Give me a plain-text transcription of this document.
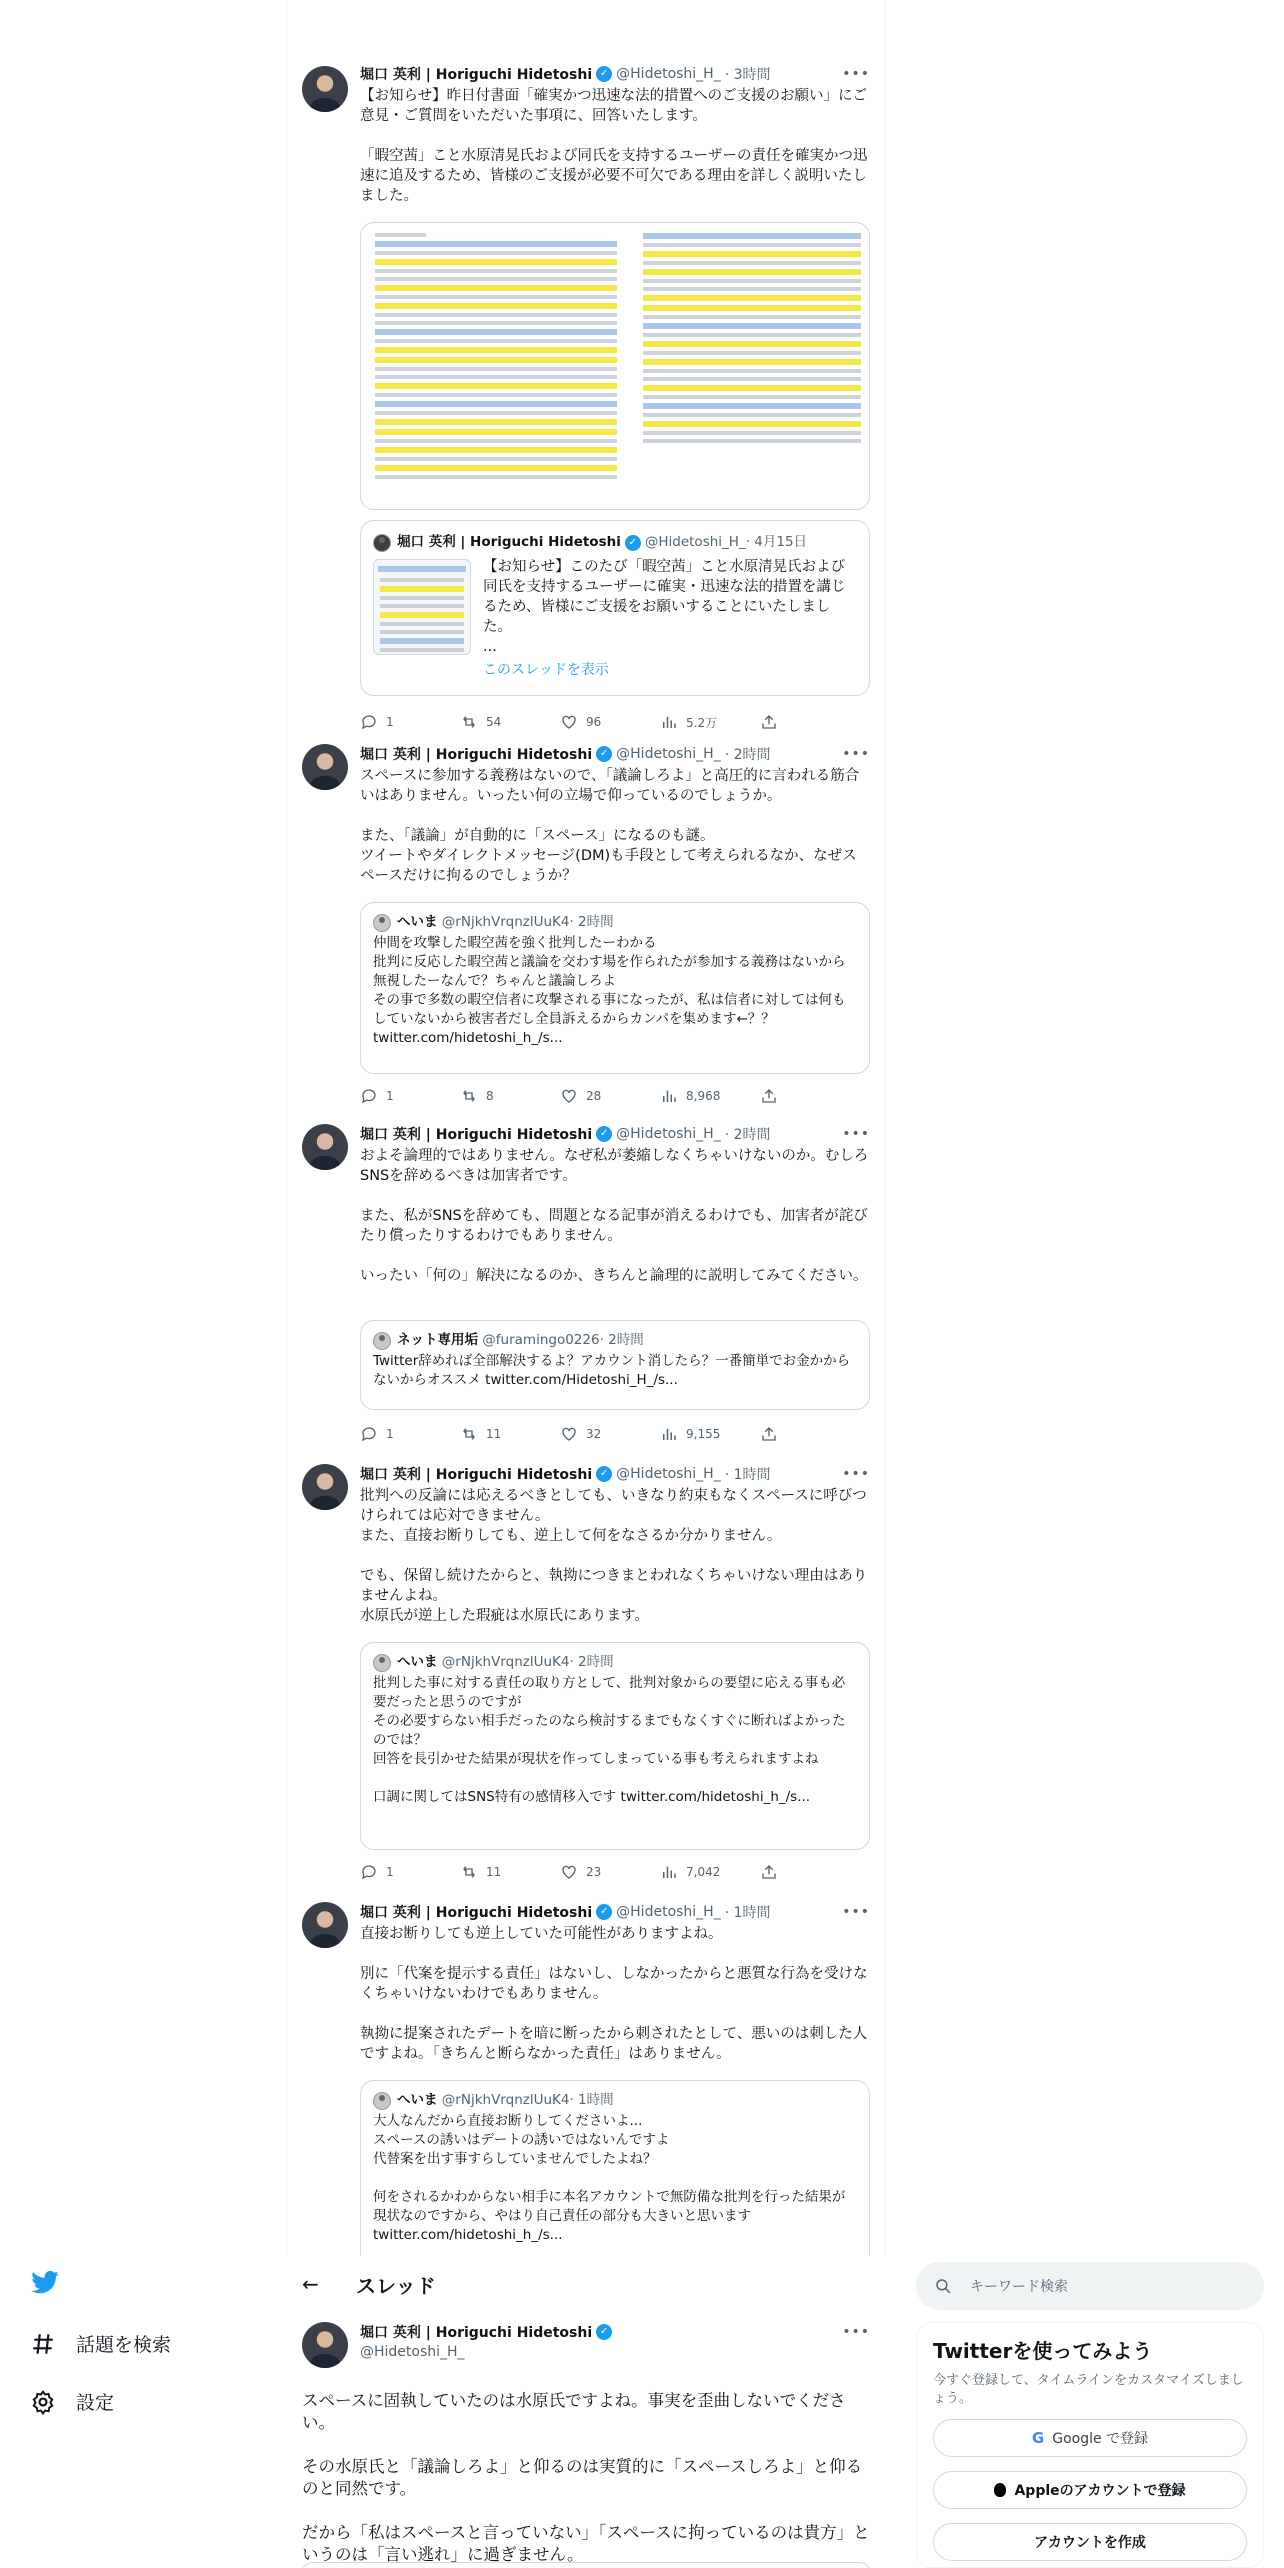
堀口 英利 | Horiguchi Hidetoshi ✓ @Hidetoshi_H_ · 3時間	•••
【お知らせ】昨日付書面「確実かつ迅速な法的措置へのご支援のお願い」にご意見・ご質問をいただいた事項に、回答いたします。

「暇空茜」こと水原清晃氏および同氏を支持するユーザーの責任を確実かつ迅速に追及するため、皆様のご支援が必要不可欠である理由を詳しく説明いたしました。
堀口 英利 | Horiguchi Hidetoshi ✓ @Hidetoshi_H_ · 4月15日
【お知らせ】このたび「暇空茜」こと水原清晃氏および同氏を支持するユーザーに確実・迅速な法的措置を講じるため、皆様にご支援をお願いすることにいたしました。
...
このスレッドを表示
1	54	96	5.2万
堀口 英利 | Horiguchi Hidetoshi ✓ @Hidetoshi_H_ · 2時間	•••
スペースに参加する義務はないので、「議論しろよ」と高圧的に言われる筋合いはありません。いったい何の立場で仰っているのでしょうか。

また、「議論」が自動的に「スペース」になるのも謎。
ツイートやダイレクトメッセージ(DM)も手段として考えられるなか、なぜスペースだけに拘るのでしょうか？
へいま
@rNjkhVrqnzlUuK4 · 2時間
仲間を攻撃した暇空茜を強く批判したーわかる
批判に反応した暇空茜と議論を交わす場を作られたが参加する義務はないから無視したーなんで？ちゃんと議論しろよ
その事で多数の暇空信者に攻撃される事になったが、私は信者に対しては何もしていないから被害者だし全員訴えるからカンパを集めます←？？ twitter.com/hidetoshi_h_/s...
1	8	28	8,968
堀口 英利 | Horiguchi Hidetoshi ✓ @Hidetoshi_H_ · 2時間	•••
およそ論理的ではありません。なぜ私が萎縮しなくちゃいけないのか。むしろSNSを辞めるべきは加害者です。

また、私がSNSを辞めても、問題となる記事が消えるわけでも、加害者が詫びたり償ったりするわけでもありません。

いったい「何の」解決になるのか、きちんと論理的に説明してみてください。
ネット専用垢
@furamingo0226 · 2時間
Twitter辞めれば全部解決するよ？アカウント消したら？一番簡単でお金かからないからオススメ twitter.com/Hidetoshi_H_/s...
1	11	32	9,155
堀口 英利 | Horiguchi Hidetoshi ✓ @Hidetoshi_H_ · 1時間	•••
批判への反論には応えるべきとしても、いきなり約束もなくスペースに呼びつけられては応対できません。
また、直接お断りしても、逆上して何をなさるか分かりません。

でも、保留し続けたからと、執拗につきまとわれなくちゃいけない理由はありませんよね。
水原氏が逆上した瑕疵は水原氏にあります。
へいま
@rNjkhVrqnzlUuK4 · 2時間
批判した事に対する責任の取り方として、批判対象からの要望に応える事も必要だったと思うのですが
その必要すらない相手だったのなら検討するまでもなくすぐに断ればよかったのでは？
回答を長引かせた結果が現状を作ってしまっている事も考えられますよね

口調に関してはSNS特有の感情移入です twitter.com/hidetoshi_h_/s...
1	11	23	7,042
堀口 英利 | Horiguchi Hidetoshi ✓ @Hidetoshi_H_ · 1時間	•••
直接お断りしても逆上していた可能性がありますよね。

別に「代案を提示する責任」はないし、しなかったからと悪質な行為を受けなくちゃいけないわけでもありません。

執拗に提案されたデートを暗に断ったから刺されたとして、悪いのは刺した人ですよね。「きちんと断らなかった責任」はありません。
へいま
@rNjkhVrqnzlUuK4 · 1時間
大人なんだから直接お断りしてくださいよ...
スペースの誘いはデートの誘いではないんですよ
代替案を出す事すらしていませんでしたよね？

何をされるかわからない相手に本名アカウントで無防備な批判を行った結果が現状なのですから、やはり自己責任の部分も大きいと思います twitter.com/hidetoshi_h_/s...
話題を検索
設定
←	スレッド
堀口 英利 | Horiguchi Hidetoshi ✓
@Hidetoshi_H_
•••
スペースに固執していたのは水原氏ですよね。事実を歪曲しないでください。

その水原氏と「議論しろよ」と仰るのは実質的に「スペースしろよ」と仰るのと同然です。

だから「私はスペースと言っていない」「スペースに拘っているのは貴方」というのは「言い逃れ」に過ぎません。
キーワード検索
Twitterを使ってみよう
今すぐ登録して、タイムラインをカスタマイズしましょう。
G Google で登録
Appleのアカウントで登録
アカウントを作成
